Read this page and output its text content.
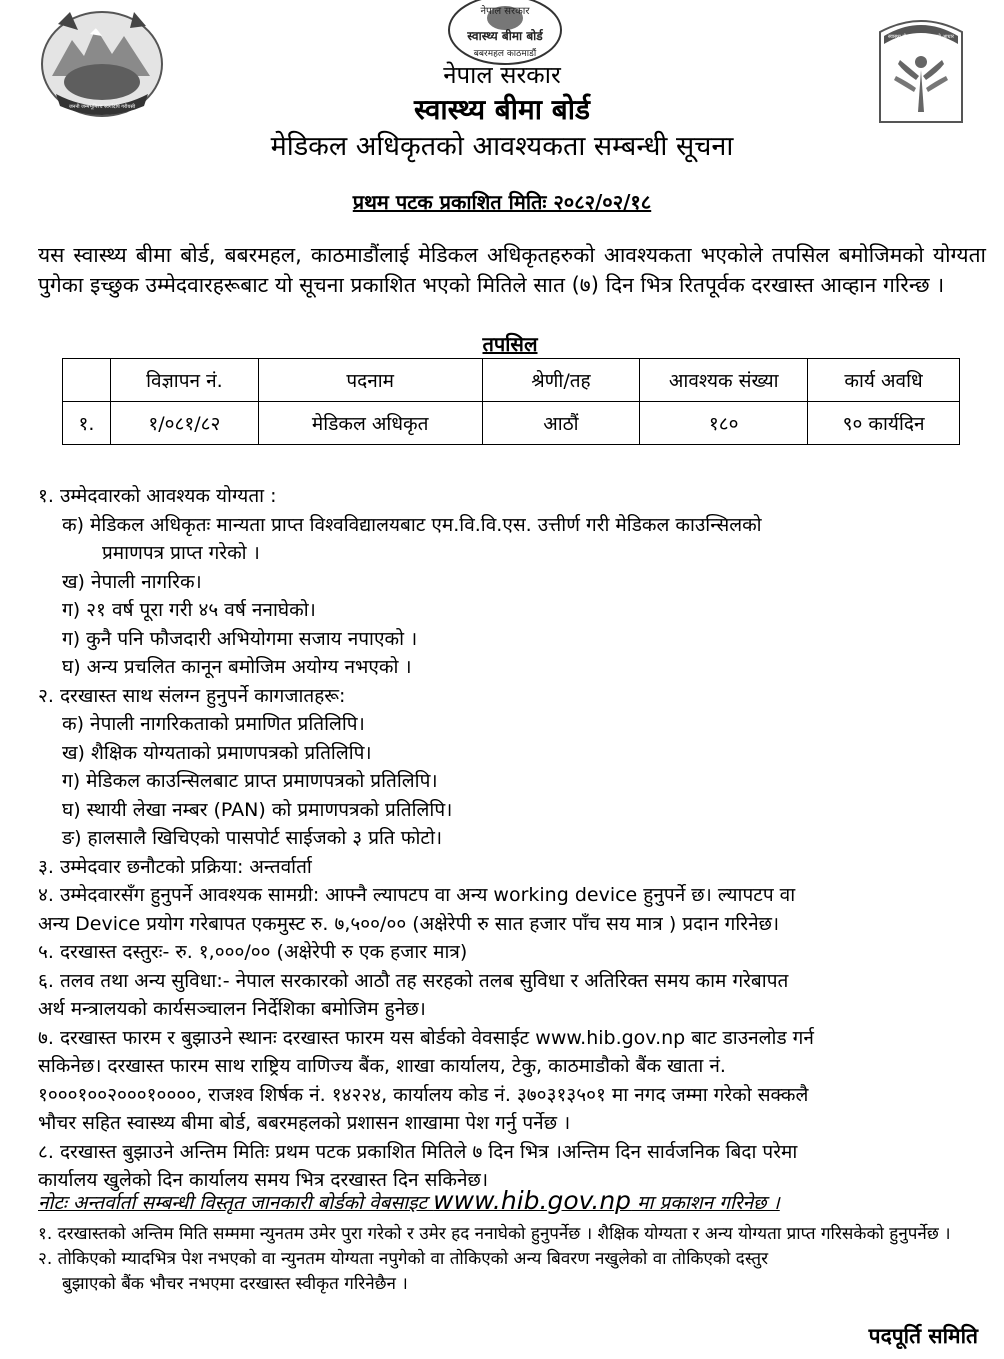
जननी जन्मभूमिश्च स्वर्गादपि गरीयसी
नेपाल सरकार
स्वास्थ्य बीमा बोर्ड
बबरमहल काठमाडौं
स्वास्थ्य बीमा: स्वस्थ नेपालको आधार
नेपाल सरकार
स्वास्थ्य बीमा बोर्ड
मेडिकल अधिकृतको आवश्यकता सम्बन्धी सूचना
प्रथम पटक प्रकाशित मितिः २०८२/०२/१८
यस स्वास्थ्य बीमा बोर्ड, बबरमहल, काठमाडौंलाई मेडिकल अधिकृतहरुको आवश्यकता भएकोले तपसिल बमोजिमको योग्यता पुगेका इच्छुक उम्मेदवारहरूबाट यो सूचना प्रकाशित भएको मितिले सात (७) दिन भित्र रितपूर्वक दरखास्त आव्हान गरिन्छ ।
तपसिल
	विज्ञापन नं.	पदनाम	श्रेणी/तह	आवश्यक संख्या	कार्य अवधि
१.	१/०८१/८२	मेडिकल अधिकृत	आठौं	१८०	९० कार्यदिन
१. उम्मेदवारको आवश्यक योग्यता :
क) मेडिकल अधिकृतः मान्यता प्राप्त विश्वविद्यालयबाट एम.वि.वि.एस. उत्तीर्ण गरी मेडिकल काउन्सिलको
प्रमाणपत्र प्राप्त गरेको ।
ख) नेपाली नागरिक।
ग) २१ वर्ष पूरा गरी ४५ वर्ष ननाघेको।
ग) कुनै पनि फौजदारी अभियोगमा सजाय नपाएको ।
घ) अन्य प्रचलित कानून बमोजिम अयोग्य नभएको ।
२. दरखास्त साथ संलग्न हुनुपर्ने कागजातहरू:
क) नेपाली नागरिकताको प्रमाणित प्रतिलिपि।
ख) शैक्षिक योग्यताको प्रमाणपत्रको प्रतिलिपि।
ग) मेडिकल काउन्सिलबाट प्राप्त प्रमाणपत्रको प्रतिलिपि।
घ) स्थायी लेखा नम्बर (PAN) को प्रमाणपत्रको प्रतिलिपि।
ङ) हालसालै खिचिएको पासपोर्ट साईजको ३ प्रति फोटो।
३. उम्मेदवार छनौटको प्रक्रिया: अन्तर्वार्ता
४. उम्मेदवारसँग हुनुपर्ने आवश्यक सामग्री: आफ्नै ल्यापटप वा अन्य working device हुनुपर्ने छ। ल्यापटप वा
अन्य Device प्रयोग गरेबापत एकमुस्ट रु. ७,५००/०० (अक्षेरेपी रु सात हजार पाँच सय मात्र ) प्रदान गरिनेछ।
५. दरखास्त दस्तुरः- रु. १,०००/०० (अक्षेरेपी रु एक हजार मात्र)
६. तलव तथा अन्य सुविधा:- नेपाल सरकारको आठौ तह सरहको तलब सुविधा र अतिरिक्त समय काम गरेबापत
अर्थ मन्त्रालयको कार्यसञ्चालन निर्देशिका बमोजिम हुनेछ।
७. दरखास्त फारम र बुझाउने स्थानः दरखास्त फारम यस बोर्डको वेवसाईट www.hib.gov.np बाट डाउनलोड गर्न
सकिनेछ। दरखास्त फारम साथ राष्ट्रिय वाणिज्य बैंक, शाखा कार्यालय, टेकु, काठमाडौको बैंक खाता नं.
१०००१००२०००१००००, राजश्व शिर्षक नं. १४२२४, कार्यालय कोड नं. ३७०३१३५०१ मा नगद जम्मा गरेको सक्कलै
भौचर सहित स्वास्थ्य बीमा बोर्ड, बबरमहलको प्रशासन शाखामा पेश गर्नु पर्नेछ ।
८. दरखास्त बुझाउने अन्तिम मितिः प्रथम पटक प्रकाशित मितिले ७ दिन भित्र ।अन्तिम दिन सार्वजनिक बिदा परेमा
कार्यालय खुलेको दिन कार्यालय समय भित्र दरखास्त दिन सकिनेछ।
नोटः अन्तर्वार्ता सम्बन्धी विस्तृत जानकारी बोर्डको वेबसाइट www.hib.gov.np मा प्रकाशन गरिनेछ ।
१. दरखास्तको अन्तिम मिति सम्ममा न्युनतम उमेर पुरा गरेको र उमेर हद ननाघेको हुनुपर्नेछ । शैक्षिक योग्यता र अन्य योग्यता प्राप्त गरिसकेको हुनुपर्नेछ ।
२. तोकिएको म्यादभित्र पेश नभएको वा न्युनतम योग्यता नपुगेको वा तोकिएको अन्य बिवरण नखुलेको वा तोकिएको दस्तुर
बुझाएको बैंक भौचर नभएमा दरखास्त स्वीकृत गरिनेछैन ।
पदपूर्ति समिति
